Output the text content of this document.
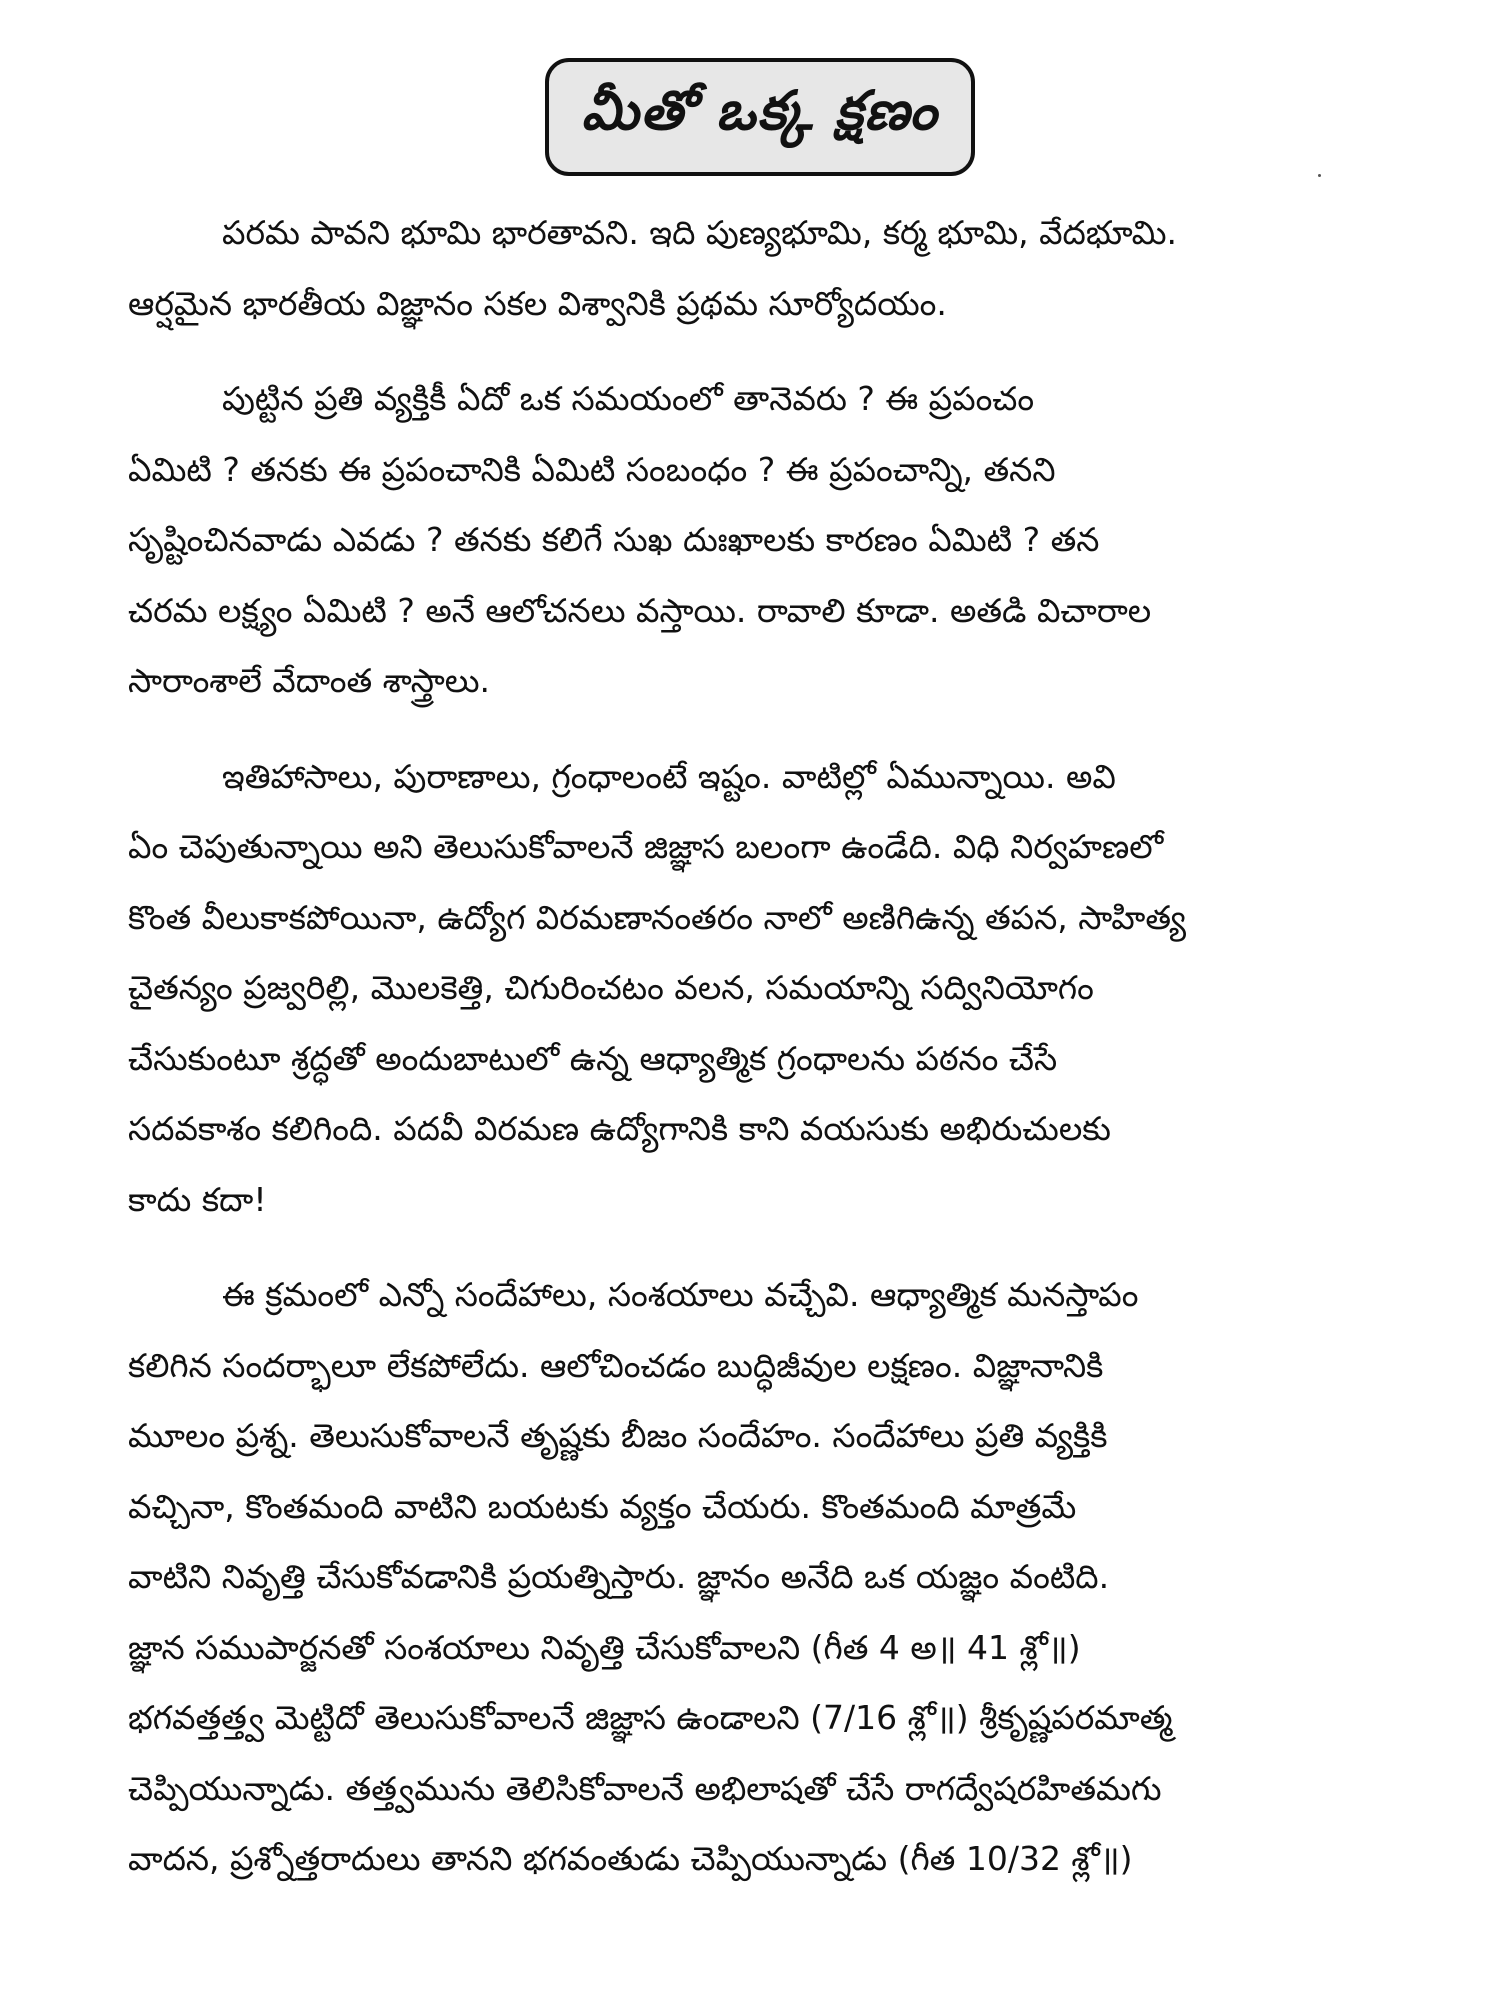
మీతో ఒక్క క్షణం
పరమ పావని భూమి భారతావని. ఇది పుణ్యభూమి, కర్మ భూమి, వేదభూమి.
ఆర్షమైన భారతీయ విజ్ఞానం సకల విశ్వానికి ప్రథమ సూర్యోదయం.
పుట్టిన ప్రతి వ్యక్తికీ ఏదో ఒక సమయంలో తానెవరు ? ఈ ప్రపంచం
ఏమిటి ? తనకు ఈ ప్రపంచానికి ఏమిటి సంబంధం ? ఈ ప్రపంచాన్ని, తనని
సృష్టించినవాడు ఎవడు ? తనకు కలిగే సుఖ దుఃఖాలకు కారణం ఏమిటి ? తన
చరమ లక్ష్యం ఏమిటి ? అనే ఆలోచనలు వస్తాయి. రావాలి కూడా. అతడి విచారాల
సారాంశాలే వేదాంత శాస్త్రాలు.
ఇతిహాసాలు, పురాణాలు, గ్రంధాలంటే ఇష్టం. వాటిల్లో ఏమున్నాయి. అవి
ఏం చెపుతున్నాయి అని తెలుసుకోవాలనే జిజ్ఞాస బలంగా ఉండేది. విధి నిర్వహణలో
కొంత వీలుకాకపోయినా, ఉద్యోగ విరమణానంతరం నాలో అణిగిఉన్న తపన, సాహిత్య
చైతన్యం ప్రజ్వరిల్లి, మొలకెత్తి, చిగురించటం వలన, సమయాన్ని సద్వినియోగం
చేసుకుంటూ శ్రద్ధతో అందుబాటులో ఉన్న ఆధ్యాత్మిక గ్రంధాలను పఠనం చేసే
సదవకాశం కలిగింది. పదవీ విరమణ ఉద్యోగానికి కాని వయసుకు అభిరుచులకు
కాదు కదా!
ఈ క్రమంలో ఎన్నో సందేహాలు, సంశయాలు వచ్చేవి. ఆధ్యాత్మిక మనస్తాపం
కలిగిన సందర్భాలూ లేకపోలేదు. ఆలోచించడం బుద్ధిజీవుల లక్షణం. విజ్ఞానానికి
మూలం ప్రశ్న. తెలుసుకోవాలనే తృష్ణకు బీజం సందేహం. సందేహాలు ప్రతి వ్యక్తికి
వచ్చినా, కొంతమంది వాటిని బయటకు వ్యక్తం చేయరు. కొంతమంది మాత్రమే
వాటిని నివృత్తి చేసుకోవడానికి ప్రయత్నిస్తారు. జ్ఞానం అనేది ఒక యజ్ఞం వంటిది.
జ్ఞాన సముపార్జనతో సంశయాలు నివృత్తి చేసుకోవాలని (గీత 4 అ॥ 41 శ్లో॥)
భగవత్తత్త్వ మెట్టిదో తెలుసుకోవాలనే జిజ్ఞాస ఉండాలని (7/16 శ్లో॥) శ్రీకృష్ణపరమాత్మ
చెప్పియున్నాడు. తత్త్వమును తెలిసికోవాలనే అభిలాషతో చేసే రాగద్వేషరహితమగు
వాదన, ప్రశ్నోత్తరాదులు తానని భగవంతుడు చెప్పియున్నాడు (గీత 10/32 శ్లో॥)
